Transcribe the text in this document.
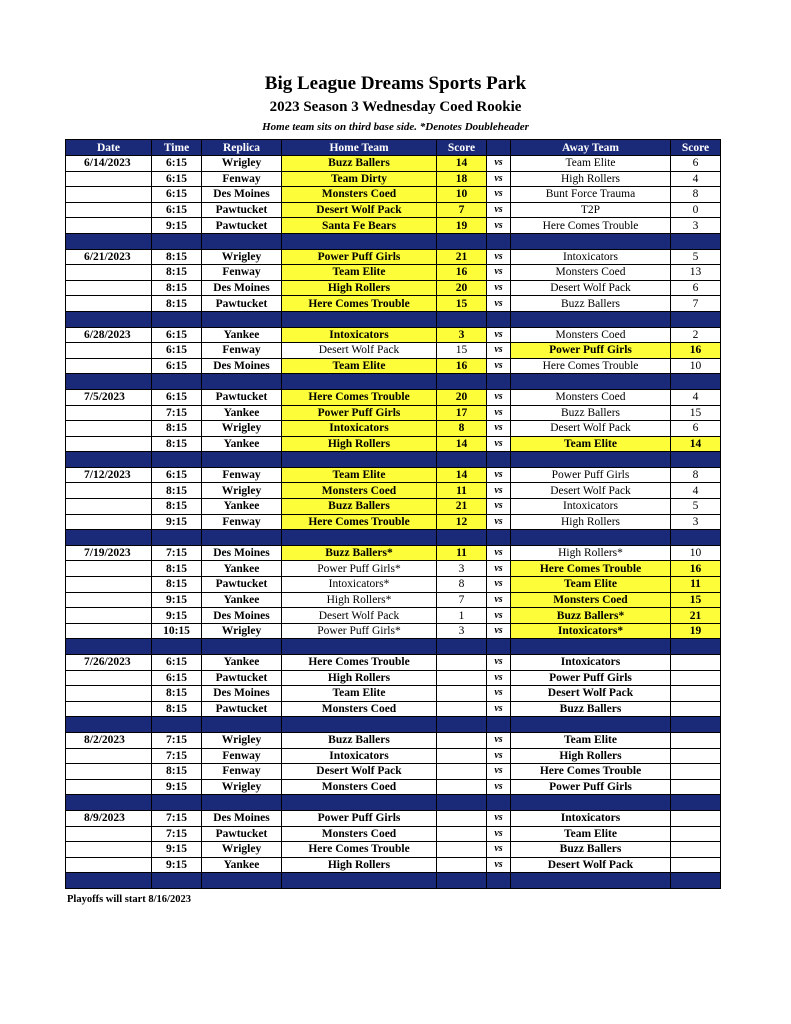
Big League Dreams Sports Park
2023 Season 3 Wednesday Coed Rookie
Home team sits on third base side. *Denotes Doubleheader
Date	Time	Replica	Home Team	Score		Away Team	Score
6/14/2023	6:15	Wrigley	Buzz Ballers	14	vs	Team Elite	6
	6:15	Fenway	Team Dirty	18	vs	High Rollers	4
	6:15	Des Moines	Monsters Coed	10	vs	Bunt Force Trauma	8
	6:15	Pawtucket	Desert Wolf Pack	7	vs	T2P	0
	9:15	Pawtucket	Santa Fe Bears	19	vs	Here Comes Trouble	3

6/21/2023	8:15	Wrigley	Power Puff Girls	21	vs	Intoxicators	5
	8:15	Fenway	Team Elite	16	vs	Monsters Coed	13
	8:15	Des Moines	High Rollers	20	vs	Desert Wolf Pack	6
	8:15	Pawtucket	Here Comes Trouble	15	vs	Buzz Ballers	7

6/28/2023	6:15	Yankee	Intoxicators	3	vs	Monsters Coed	2
	6:15	Fenway	Desert Wolf Pack	15	vs	Power Puff Girls	16
	6:15	Des Moines	Team Elite	16	vs	Here Comes Trouble	10

7/5/2023	6:15	Pawtucket	Here Comes Trouble	20	vs	Monsters Coed	4
	7:15	Yankee	Power Puff Girls	17	vs	Buzz Ballers	15
	8:15	Wrigley	Intoxicators	8	vs	Desert Wolf Pack	6
	8:15	Yankee	High Rollers	14	vs	Team Elite	14

7/12/2023	6:15	Fenway	Team Elite	14	vs	Power Puff Girls	8
	8:15	Wrigley	Monsters Coed	11	vs	Desert Wolf Pack	4
	8:15	Yankee	Buzz Ballers	21	vs	Intoxicators	5
	9:15	Fenway	Here Comes Trouble	12	vs	High Rollers	3

7/19/2023	7:15	Des Moines	Buzz Ballers*	11	vs	High Rollers*	10
	8:15	Yankee	Power Puff Girls*	3	vs	Here Comes Trouble	16
	8:15	Pawtucket	Intoxicators*	8	vs	Team Elite	11
	9:15	Yankee	High Rollers*	7	vs	Monsters Coed	15
	9:15	Des Moines	Desert Wolf Pack	1	vs	Buzz Ballers*	21
	10:15	Wrigley	Power Puff Girls*	3	vs	Intoxicators*	19

7/26/2023	6:15	Yankee	Here Comes Trouble		vs	Intoxicators	
	6:15	Pawtucket	High Rollers		vs	Power Puff Girls	
	8:15	Des Moines	Team Elite		vs	Desert Wolf Pack	
	8:15	Pawtucket	Monsters Coed		vs	Buzz Ballers	

8/2/2023	7:15	Wrigley	Buzz Ballers		vs	Team Elite	
	7:15	Fenway	Intoxicators		vs	High Rollers	
	8:15	Fenway	Desert Wolf Pack		vs	Here Comes Trouble	
	9:15	Wrigley	Monsters Coed		vs	Power Puff Girls	

8/9/2023	7:15	Des Moines	Power Puff Girls		vs	Intoxicators	
	7:15	Pawtucket	Monsters Coed		vs	Team Elite	
	9:15	Wrigley	Here Comes Trouble		vs	Buzz Ballers	
	9:15	Yankee	High Rollers		vs	Desert Wolf Pack	

Playoffs will start 8/16/2023
